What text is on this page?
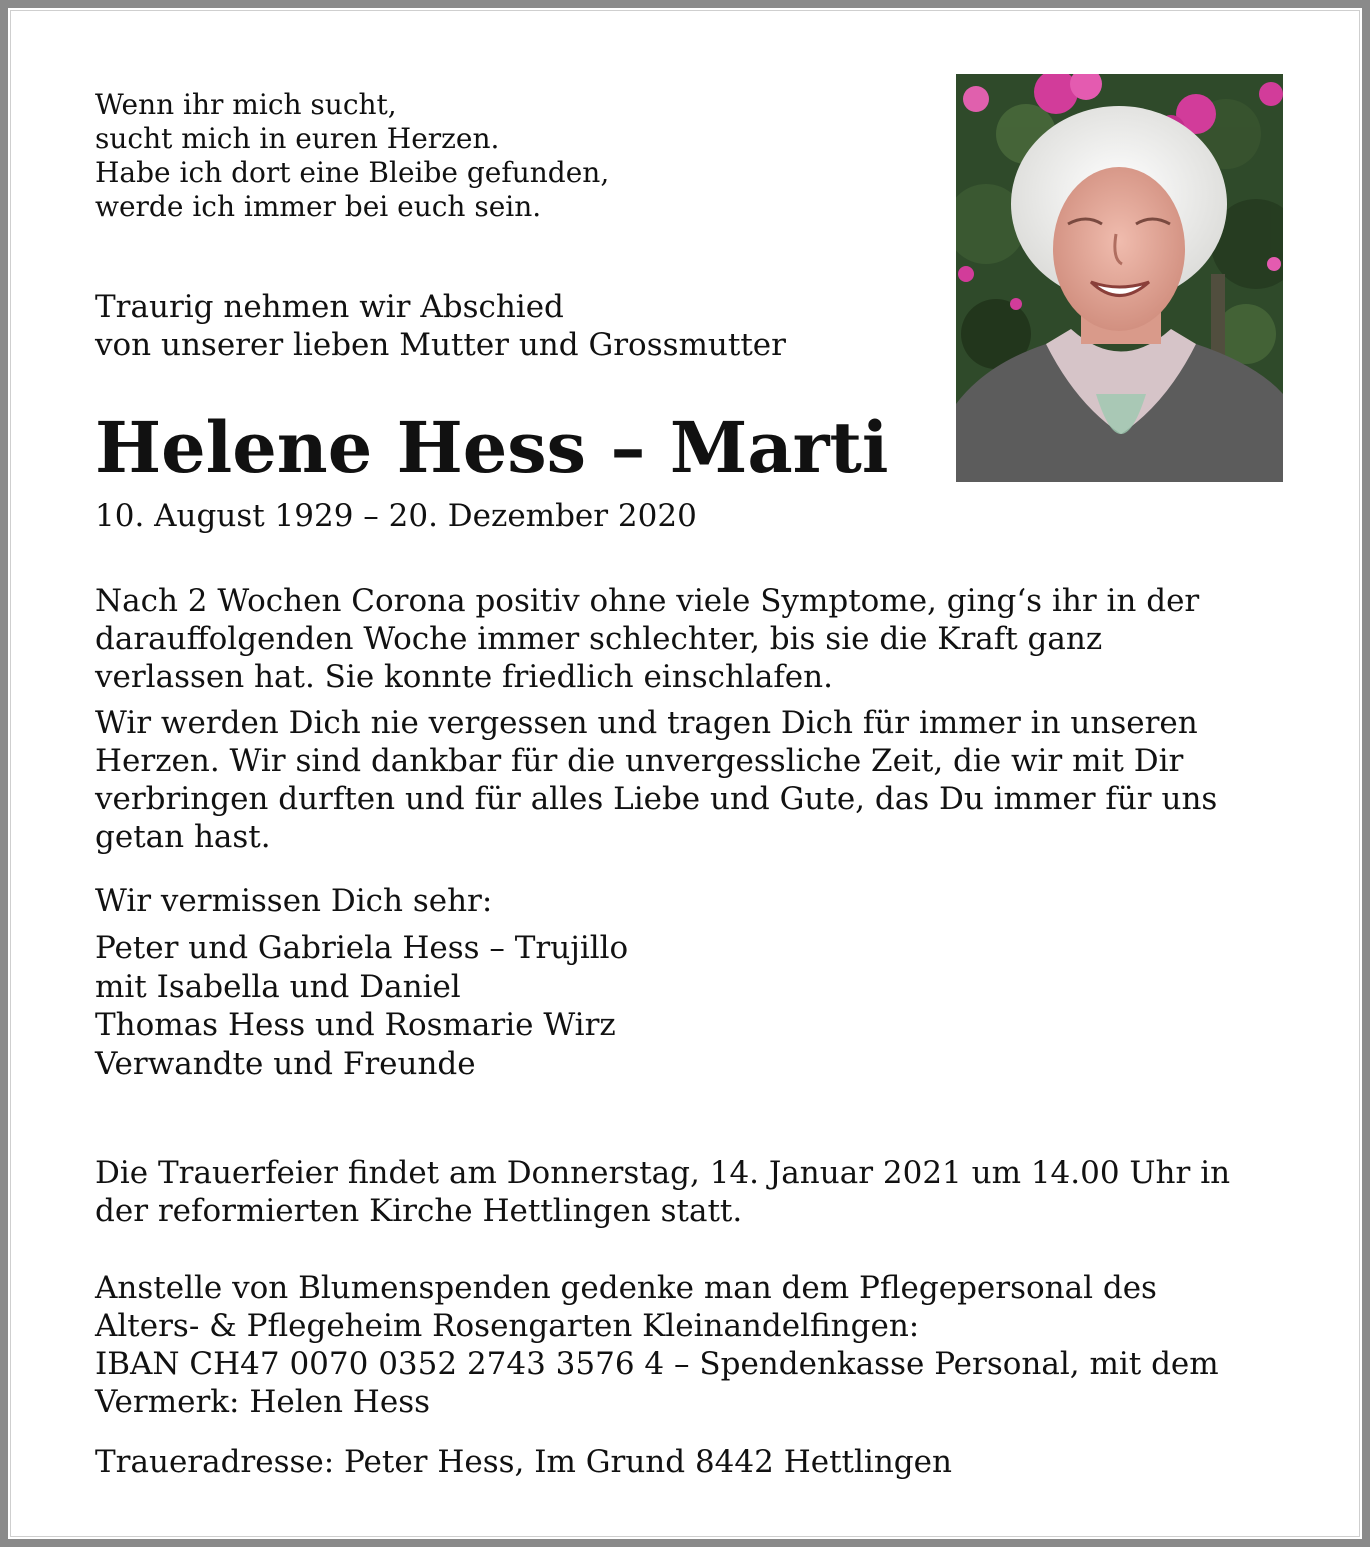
Wenn ihr mich sucht,
sucht mich in euren Herzen.
Habe ich dort eine Bleibe gefunden,
werde ich immer bei euch sein.
Traurig nehmen wir Abschied
von unserer lieben Mutter und Grossmutter
Helene Hess – Marti
10. August 1929 – 20. Dezember 2020
Nach 2 Wochen Corona positiv ohne viele Symptome, ging‘s ihr in der
darauffolgenden Woche immer schlechter, bis sie die Kraft ganz
verlassen hat. Sie konnte friedlich einschlafen.
Wir werden Dich nie vergessen und tragen Dich für immer in unseren
Herzen. Wir sind dankbar für die unvergessliche Zeit, die wir mit Dir
verbringen durften und für alles Liebe und Gute, das Du immer für uns
getan hast.
Wir vermissen Dich sehr:
Peter und Gabriela Hess – Trujillo
mit Isabella und Daniel
Thomas Hess und Rosmarie Wirz
Verwandte und Freunde
Die Trauerfeier findet am Donnerstag, 14. Januar 2021 um 14.00 Uhr in
der reformierten Kirche Hettlingen statt.
Anstelle von Blumenspenden gedenke man dem Pflegepersonal des
Alters- & Pflegeheim Rosengarten Kleinandelfingen:
IBAN CH47 0070 0352 2743 3576 4 – Spendenkasse Personal, mit dem
Vermerk: Helen Hess
Traueradresse: Peter Hess, Im Grund 8442 Hettlingen
